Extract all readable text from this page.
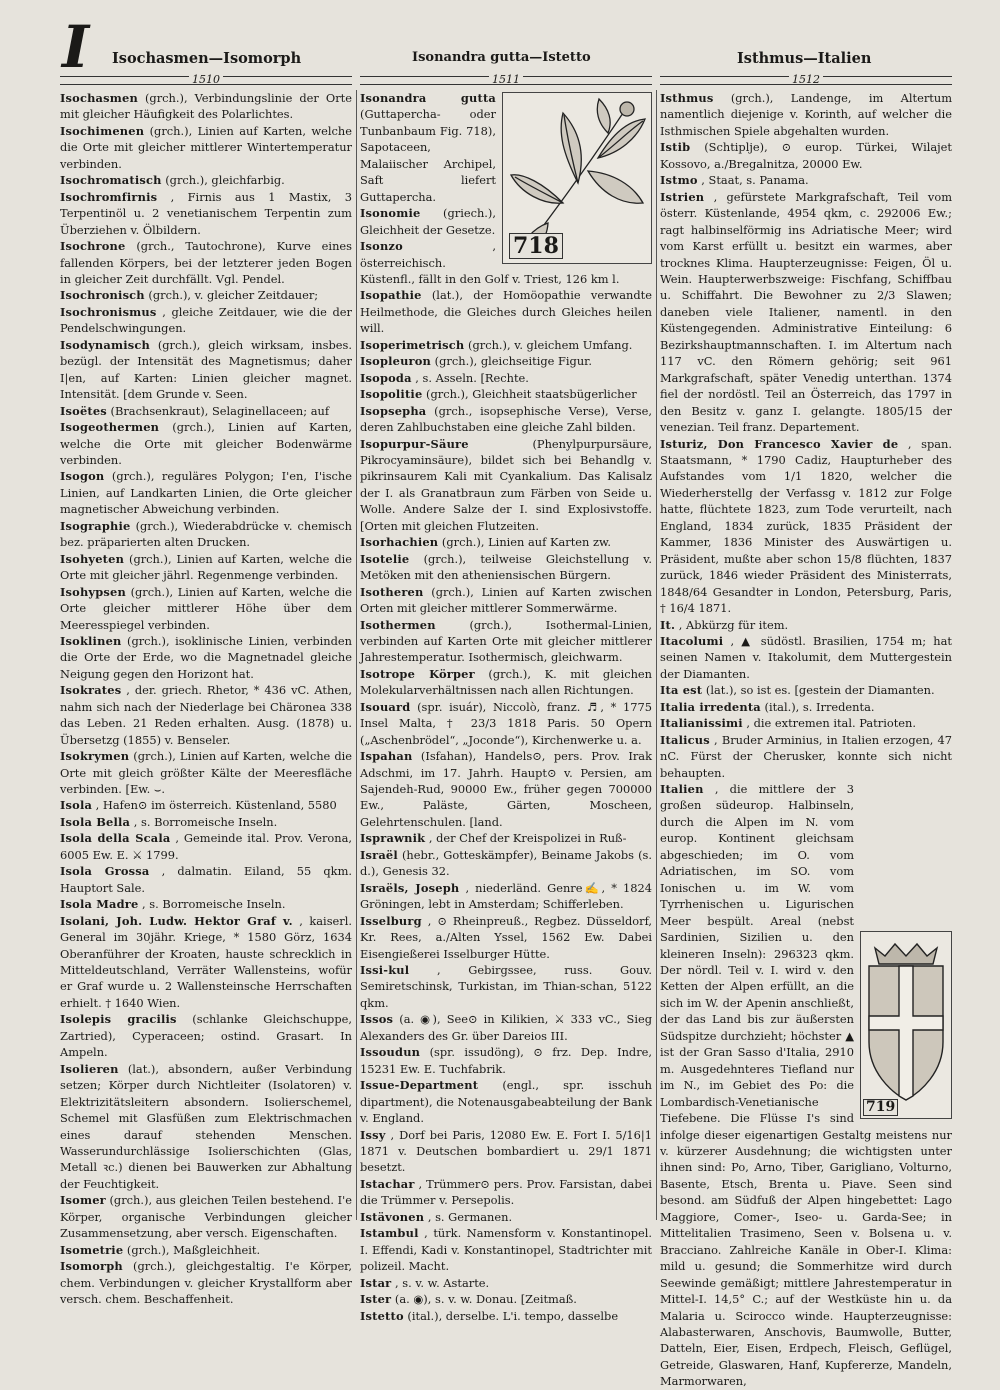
I Isochasmen—Isomorph	Isonandra gutta—Istetto	Isthmus—Italien
1510	1511	1512

Isochasmen (grch.), Verbindungslinie der Orte mit gleicher Häufigkeit des Polarlichtes.

Isochimenen (grch.), Linien auf Karten, welche die Orte mit gleicher mittlerer Wintertemperatur verbinden.

Isochromatisch (grch.), gleichfarbig.

Isochromfirnis , Firnis aus 1 Mastix, 3 Terpentinöl u. 2 venetianischem Terpentin zum Überziehen v. Ölbildern.

Isochrone (grch., Tautochrone), Kurve eines fallenden Körpers, bei der letzterer jeden Bogen in gleicher Zeit durchfällt. Vgl. Pendel.

Isochronisch (grch.), v. gleicher Zeitdauer;

Isochronismus , gleiche Zeitdauer, wie die der Pendelschwingungen.

Isodynamisch (grch.), gleich wirksam, insbes. bezügl. der Intensität des Magnetismus; daher I|en, auf Karten: Linien gleicher magnet. Intensität. [dem Grunde v. Seen.

Isoëtes (Brachsenkraut), Selaginellaceen; auf

Isogeothermen (grch.), Linien auf Karten, welche die Orte mit gleicher Bodenwärme verbinden.

Isogon (grch.), reguläres Polygon; I'en, I'ische Linien, auf Landkarten Linien, die Orte gleicher magnetischer Abweichung verbinden.

Isographie (grch.), Wiederabdrücke v. chemisch bez. präparierten alten Drucken.

Isohyeten (grch.), Linien auf Karten, welche die Orte mit gleicher jährl. Regenmenge verbinden.

Isohypsen (grch.), Linien auf Karten, welche die Orte gleicher mittlerer Höhe über dem Meeresspiegel verbinden.

Isoklinen (grch.), isoklinische Linien, verbinden die Orte der Erde, wo die Magnetnadel gleiche Neigung gegen den Horizont hat.

Isokrates , der. griech. Rhetor, * 436 vC. Athen, nahm sich nach der Niederlage bei Chäronea 338 das Leben. 21 Reden erhalten. Ausg. (1878) u. Übersetzg (1855) v. Benseler.

Isokrymen (grch.), Linien auf Karten, welche die Orte mit gleich größter Kälte der Meeresfläche verbinden. [Ew. ⌣.

Isola , Hafen⊙ im österreich. Küstenland, 5580

Isola Bella , s. Borromeische Inseln.

Isola della Scala , Gemeinde ital. Prov. Verona, 6005 Ew. E. ⚔ 1799.

Isola Grossa , dalmatin. Eiland, 55 qkm. Hauptort Sale.

Isola Madre , s. Borromeische Inseln.

Isolani, Joh. Ludw. Hektor Graf v. , kaiserl. General im 30jähr. Kriege, * 1580 Görz, 1634 Oberanführer der Kroaten, hauste schrecklich in Mitteldeutschland, Verräter Wallensteins, wofür er Graf wurde u. 2 Wallensteinsche Herrschaften erhielt. † 1640 Wien.

Isolepis gracilis (schlanke Gleichschuppe, Zartried), Cyperaceen; ostind. Grasart. In Ampeln.

Isolieren (lat.), absondern, außer Verbindung setzen; Körper durch Nichtleiter (Isolatoren) v. Elektrizitätsleitern absondern. Isolierschemel, Schemel mit Glasfüßen zum Elektrischmachen eines darauf stehenden Menschen. Wasserundurchlässige Isolierschichten (Glas, Metall ꝛc.) dienen bei Bauwerken zur Abhaltung der Feuchtigkeit.

Isomer (grch.), aus gleichen Teilen bestehend. I'e Körper, organische Verbindungen gleicher Zusammensetzung, aber versch. Eigenschaften.

Isometrie (grch.), Maßgleichheit.

Isomorph (grch.), gleichgestaltig. I'e Körper, chem. Verbindungen v. gleicher Krystallform aber versch. chem. Beschaffenheit.

718

Isonandra gutta (Guttapercha- oder Tunbanbaum Fig. 718), Sapotaceen, Malaiischer Archipel, Saft liefert Guttapercha.

Isonomie (griech.), Gleichheit der Gesetze.

Isonzo	, österreichisch. Küstenfl., fällt in den Golf v. Triest, 126 km l.

Isopathie (lat.), der Homöopathie verwandte Heilmethode, die Gleiches durch Gleiches heilen will.

Isoperimetrisch (grch.), v. gleichem Umfang.

Isopleuron (grch.), gleichseitige Figur.

Isopoda , s. Asseln. [Rechte.

Isopolitie (grch.), Gleichheit staatsbügerlicher

Isopsepha (grch., isopsephische Verse), Verse, deren Zahlbuchstaben eine gleiche Zahl bilden.

Isopurpur-Säure	(Phenylpurpursäure, Pikrocyaminsäure), bildet sich bei Behandlg v. pikrinsaurem Kali mit Cyankalium. Das Kalisalz der I. als Granatbraun zum Färben von Seide u. Wolle. Andere Salze der I. sind Explosivstoffe. [Orten mit gleichen Flutzeiten.

Isorhachien (grch.), Linien auf Karten zw.

Isotelie (grch.), teilweise Gleichstellung v. Metöken mit den atheniensischen Bürgern.

Isotheren (grch.), Linien auf Karten zwischen Orten mit gleicher mittlerer Sommerwärme.

Isothermen	(grch.), Isothermal-Linien, verbinden auf Karten Orte mit gleicher mittlerer Jahrestemperatur. Isothermisch, gleichwarm.

Isotrope Körper (grch.), K. mit gleichen Molekularverhältnissen nach allen Richtungen.

Isouard (spr. isuár), Niccolò, franz. ♬, * 1775 Insel Malta, † 23/3 1818 Paris. 50 Opern („Aschenbrödel“, „Joconde“), Kirchenwerke u. a.

Ispahan (Isfahan), Handels⊙, pers. Prov. Irak Adschmi, im 17. Jahrh. Haupt⊙ v. Persien, am Sajendeh-Rud, 90000 Ew., früher gegen 700000 Ew., Paläste, Gärten, Moscheen, Gelehrtenschulen. [land.

Isprawnik , der Chef der Kreispolizei in Ruß-

Israël (hebr., Gotteskämpfer), Beiname Jakobs (s. d.), Genesis 32.

Israëls, Joseph , niederländ. Genre✍, * 1824 Gröningen, lebt in Amsterdam; Schifferleben.

Isselburg , ⊙ Rheinpreuß., Regbez. Düsseldorf, Kr. Rees, a./Alten Yssel, 1562 Ew. Dabei Eisengießerei Isselburger Hütte.

Issi-kul , Gebirgssee, russ. Gouv. Semiretschinsk, Turkistan, im Thian-schan, 5122 qkm.

Issos (a. ◉), See⊙ in Kilikien, ⚔ 333 vC., Sieg Alexanders des Gr. über Dareios III.

Issoudun (spr. issudöng), ⊙ frz. Dep. Indre, 15231 Ew. E. Tuchfabrik.

Issue-Department (engl., spr. isschuh dipartment), die Notenausgabeabteilung der Bank v. England.

Issy , Dorf bei Paris, 12080 Ew. E. Fort I. 5/16|1 1871 v. Deutschen bombardiert u. 29/1 1871 besetzt.

Istachar , Trümmer⊙ pers. Prov. Farsistan, dabei die Trümmer v. Persepolis.

Istävonen , s. Germanen.

Istambul , türk. Namensform v. Konstantinopel. I. Effendi, Kadi v. Konstantinopel, Stadtrichter mit polizeil. Macht.

Istar , s. v. w. Astarte.

Ister (a. ◉), s. v. w. Donau. [Zeitmaß.

Istetto (ital.), derselbe. L'i. tempo, dasselbe

Isthmus (grch.), Landenge, im Altertum namentlich diejenige v. Korinth, auf welcher die Isthmischen Spiele abgehalten wurden.

Istib (Schtiplje), ⊙ europ. Türkei, Wilajet Kossovo, a./Bregalnitza, 20000 Ew.

Istmo , Staat, s. Panama.

Istrien , gefürstete Markgrafschaft, Teil vom österr. Küstenlande, 4954 qkm, c. 292006 Ew.; ragt halbinselförmig ins Adriatische Meer; wird vom Karst erfüllt u. besitzt ein warmes, aber trocknes Klima. Haupterzeugnisse: Feigen, Öl u. Wein. Haupterwerbszweige: Fischfang, Schiffbau u. Schiffahrt. Die Bewohner zu 2/3 Slawen; daneben viele Italiener, namentl. in den Küstengegenden. Administrative Einteilung: 6 Bezirkshauptmannschaften. I. im Altertum nach 117 vC. den Römern gehörig; seit 961 Markgrafschaft, später Venedig unterthan. 1374 fiel der nordöstl. Teil an Österreich, das 1797 in den Besitz v. ganz I. gelangte. 1805/15 der venezian. Teil franz. Departement.

Isturiz, Don Francesco Xavier de , span. Staatsmann, * 1790 Cadiz, Haupturheber des Aufstandes vom 1/1 1820, welcher die Wiederherstellg der Verfassg v. 1812 zur Folge hatte, flüchtete 1823, zum Tode verurteilt, nach England, 1834 zurück, 1835 Präsident der Kammer, 1836 Minister des Auswärtigen u. Präsident, mußte aber schon 15/8 flüchten, 1837 zurück, 1846 wieder Präsident des Ministerrats, 1848/64 Gesandter in London, Petersburg, Paris, † 16/4 1871.

It. , Abkürzg für item.

Itacolumi , ▲ südöstl. Brasilien, 1754 m; hat seinen Namen v. Itakolumit, dem Muttergestein der Diamanten.

Ita est (lat.), so ist es. [gestein der Diamanten.

Italia irredenta (ital.), s. Irredenta.

Italianissimi , die extremen ital. Patrioten.

Italicus , Bruder Arminius, in Italien erzogen, 47 nC. Fürst der Cherusker, konnte sich nicht behaupten.

719
Italien , die mittlere der 3 großen südeurop. Halbinseln, durch die Alpen im N. vom europ. Kontinent gleichsam abgeschieden; im O. vom Adriatischen, im SO. vom Ionischen u. im W. vom Tyrrhenischen u. Ligurischen Meer bespült. Areal (nebst Sardinien, Sizilien u. den kleineren Inseln): 296323 qkm. Der nördl. Teil v. I. wird v. den Ketten der Alpen erfüllt, an die sich im W. der Apenin anschließt, der das Land bis zur äußersten Südspitze durchzieht; höchster ▲ ist der Gran Sasso d'Italia, 2910 m. Ausgedehnteres Tiefland nur im N., im Gebiet des Po: die Lombardisch-Venetianische Tiefebene. Die Flüsse I's sind infolge dieser eigenartigen Gestaltg meistens nur v. kürzerer Ausdehnung; die wichtigsten unter ihnen sind: Po, Arno, Tiber, Garigliano, Volturno, Basente, Etsch, Brenta u. Piave. Seen sind besond. am Südfuß der Alpen hingebettet: Lago Maggiore, Comer-, Iseo- u. Garda-See; in Mittelitalien Trasimeno, Seen v. Bolsena u. v. Bracciano. Zahlreiche Kanäle in Ober-I. Klima: mild u. gesund; die Sommerhitze wird durch Seewinde gemäßigt; mittlere Jahrestemperatur in Mittel-I. 14,5° C.; auf der Westküste hin u. da Malaria u. Scirocco winde. Haupterzeugnisse: Alabasterwaren, Anschovis, Baumwolle, Butter, Datteln, Eier, Eisen, Erdpech, Fleisch, Geflügel, Getreide, Glaswaren, Hanf, Kupfererze, Mandeln, Marmorwaren,
